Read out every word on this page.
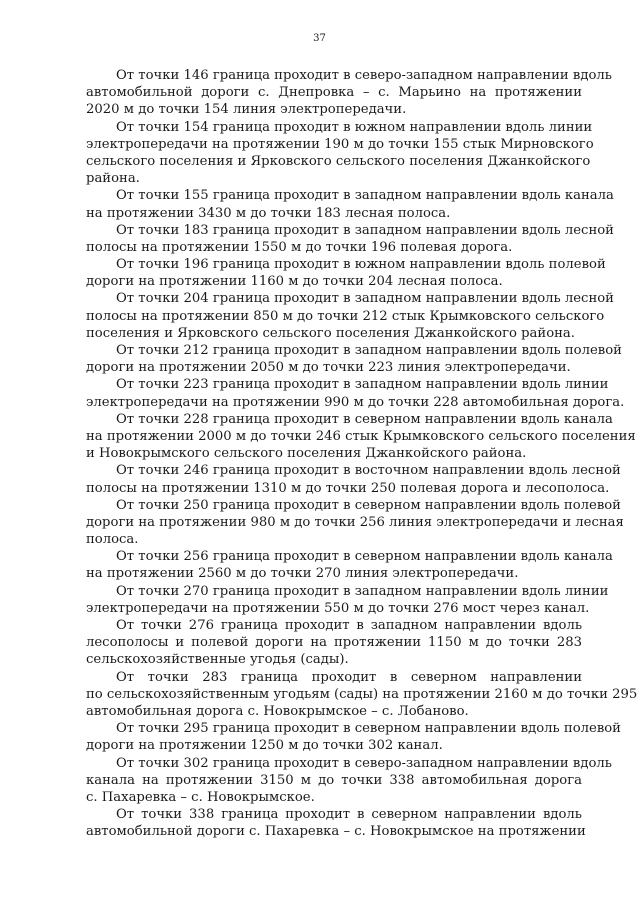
37
От точки 146 граница проходит в северо-западном направлении вдоль
автомобильной дороги с. Днепровка – с. Марьино на протяжении
2020 м до точки 154 линия электропередачи.
От точки 154 граница проходит в южном направлении вдоль линии
электропередачи на протяжении 190 м до точки 155 стык Мирновского
сельского поселения и Ярковского сельского поселения Джанкойского
района.
От точки 155 граница проходит в западном направлении вдоль канала
на протяжении 3430 м до точки 183 лесная полоса.
От точки 183 граница проходит в западном направлении вдоль лесной
полосы на протяжении 1550 м до точки 196 полевая дорога.
От точки 196 граница проходит в южном направлении вдоль полевой
дороги на протяжении 1160 м до точки 204 лесная полоса.
От точки 204 граница проходит в западном направлении вдоль лесной
полосы на протяжении 850 м до точки 212 стык Крымковского сельского
поселения и Ярковского сельского поселения Джанкойского района.
От точки 212 граница проходит в западном направлении вдоль полевой
дороги на протяжении 2050 м до точки 223 линия электропередачи.
От точки 223 граница проходит в западном направлении вдоль линии
электропередачи на протяжении 990 м до точки 228 автомобильная дорога.
От точки 228 граница проходит в северном направлении вдоль канала
на протяжении 2000 м до точки 246 стык Крымковского сельского поселения
и Новокрымского сельского поселения Джанкойского района.
От точки 246 граница проходит в восточном направлении вдоль лесной
полосы на протяжении 1310 м до точки 250 полевая дорога и лесополоса.
От точки 250 граница проходит в северном направлении вдоль полевой
дороги на протяжении 980 м до точки 256 линия электропередачи и лесная
полоса.
От точки 256 граница проходит в северном направлении вдоль канала
на протяжении 2560 м до точки 270 линия электропередачи.
От точки 270 граница проходит в западном направлении вдоль линии
электропередачи на протяжении 550 м до точки 276 мост через канал.
От точки 276 граница проходит в западном направлении вдоль
лесополосы и полевой дороги на протяжении 1150 м до точки 283
сельскохозяйственные угодья (сады).
От точки 283 граница проходит в северном направлении
по сельскохозяйственным угодьям (сады) на протяжении 2160 м до точки 295
автомобильная дорога с. Новокрымское – с. Лобаново.
От точки 295 граница проходит в северном направлении вдоль полевой
дороги на протяжении 1250 м до точки 302 канал.
От точки 302 граница проходит в северо-западном направлении вдоль
канала на протяжении 3150 м до точки 338 автомобильная дорога
с. Пахаревка – с. Новокрымское.
От точки 338 граница проходит в северном направлении вдоль
автомобильной дороги с. Пахаревка – с. Новокрымское на протяжении
